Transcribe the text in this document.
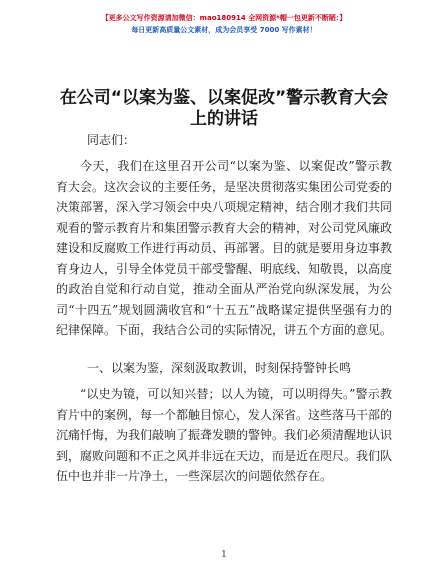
【更多公文写作资源请加微信：mao180914 全网资源*帽一包更新不断陋：】
每日更新高质量公文素材，成为会员享受 7000 写作素材！
在公司“以案为鉴、以案促改”警示教育大会
上的讲话
同志们：

今天，我们在这里召开公司“以案为鉴、以案促改”警示教育大会。这次会议的主要任务，是坚决贯彻落实集团公司党委的决策部署，深入学习领会中央八项规定精神，结合刚才我们共同观看的警示教育片和集团警示教育大会的精神，对公司党风廉政建设和反腐败工作进行再动员、再部署。目的就是要用身边事教育身边人，引导全体党员干部受警醒、明底线、知敬畏，以高度的政治自觉和行动自觉，推动全面从严治党向纵深发展，为公司“十四五”规划圆满收官和“十五五”战略谋定提供坚强有力的纪律保障。下面，我结合公司的实际情况，讲五个方面的意见。

一、以案为鉴，深刻汲取教训，时刻保持警钟长鸣

“以史为镜，可以知兴替；以人为镜，可以明得失。”警示教育片中的案例，每一个都触目惊心，发人深省。这些落马干部的沉痛忏悔，为我们敲响了振聋发聩的警钟。我们必须清醒地认识到，腐败问题和不正之风并非远在天边，而是近在咫尺。我们队伍中也并非一片净土，一些深层次的问题依然存在。

1
